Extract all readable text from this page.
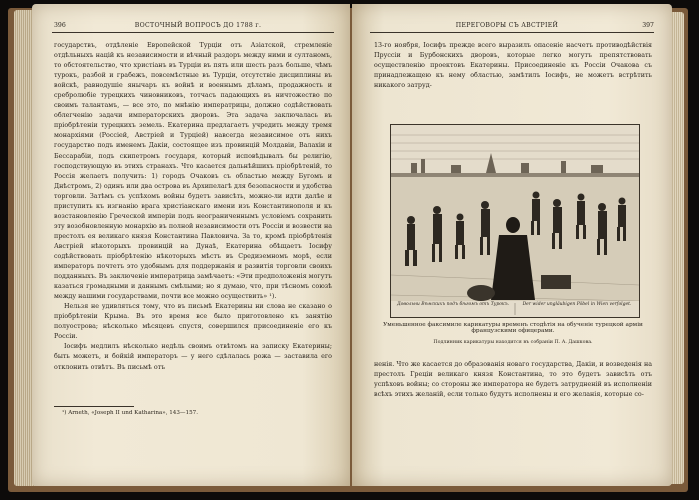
396	ВОСТОЧНЫЙ ВОПРОСЪ ДО 1788 г.

государствъ, отдѣленіе Европейской Турціи отъ Азіатской, стремленіе отдѣльныхъ націй къ независимости и вѣчный раздоръ между ними и султаномъ, то обстоятельство, что христіанъ въ Турціи въ пять или шесть разъ больше, чѣмъ турокъ, разбой и грабежъ, повсемѣстные въ Турціи, отсутствіе дисциплины въ войскѣ, равнодушіе янычаръ къ войнѣ и военнымъ дѣламъ, продажность и сребролюбіе турецкихъ чиновниковъ, тотчасъ падающихъ въ ничтожество по своимъ талантамъ, — все это, по мнѣнію императрицы, должно содѣйствовать облегченію задачи императорскихъ дворовъ. Эта задача заключалась въ пріобрѣтеніи турецкихъ земель. Екатерина предлагаетъ учредить между тремя монархіями (Россіей, Австріей и Турціей) навсегда независимое отъ нихъ государство подъ именемъ Дакіи, состоящее изъ провинцій Молдавіи, Валахіи и Бессарабіи, подъ скипетромъ государя, который исповѣдывалъ бы религію, господствующую въ этихъ странахъ. Что касается дальнѣйшихъ пріобрѣтеній, то Россія желаетъ получить: 1) городъ Очаковъ съ областью между Бугомъ и Днѣстромъ, 2) одинъ или два острова въ Архипелагѣ для безопасности и удобства торговли. Затѣмъ съ успѣхомъ войны будетъ зависѣть, можно-ли идти далѣе и приступить къ изгнанію врага христіанскаго имени изъ Константинополя и къ возстановленію Греческой имперіи подъ неограниченнымъ условіемъ сохранить эту возобновленную монархію въ полной независимости отъ Россіи и возвести на престолъ ея великаго князя Константина Павловича. За то, кромѣ пріобрѣтенія Австріей нѣкоторыхъ провинцій на Дунаѣ, Екатерина обѣщаетъ Іосифу содѣйствовать пріобрѣтенію нѣкоторыхъ мѣстъ въ Средиземномъ морѣ, если императоръ почтетъ это удобнымъ для поддержанія и развитія торговли своихъ подданныхъ. Въ заключеніе императрица замѣчаетъ: «Эти предположенія могутъ казаться громадными и даннымъ смѣлыми; но я думаю, что, при тѣсномъ союзѣ между нашими государствами, почти все можно осуществить» ¹).

Нельзя не удивляться тому, что въ письмѣ Екатерины ни слова не сказано о пріобрѣтеніи Крыма. Въ это время все было приготовлено къ занятію полуострова; нѣсколько мѣсяцевъ спустя, совершился присоединеніе его къ Россіи.

Іосифъ медлилъ нѣсколько недѣль своимъ отвѣтомъ на записку Екатерины; быть можетъ, и бойкій императоръ — у него сдѣлалась рожа — заставила его отклонить отвѣтъ. Въ письмѣ отъ

¹) Arneth, «Joseph II und Katharina», 143—157.
ПЕРЕГОВОРЫ СЪ АВСТРІЕЙ	397

13-го ноября, Іосифъ прежде всего выразилъ опасеніе насчетъ противодѣйствія Пруссіи и Бурбонскихъ дворовъ, которые легко могутъ препятствовать осуществленію проектовъ Екатерины. Присоединеніе къ Россіи Очакова съ принадлежащею къ нему областью, замѣтилъ Іосифъ, не можетъ встрѣтить никакого затруд-

Довольни Вѣнскихъ подъ бѣгомъ отъ Турокъ.	Der wider ungläubigen Pöbel in Wien verfolget.
Уменьшенное факсимиле карикатуры временъ стодѣтія на обученіе турецкой арміи французскими офицерами.
Подлинник карикатуры находится въ собраніи П. А. Дашкова.

ненія. Что же касается до образованія новаго государства, Дакіи, и возведенія на престолъ Греціи великаго князя Константина, то это будетъ зависѣть отъ успѣховъ войны; со стороны же императора не будетъ затрудненій въ исполненіи всѣхъ этихъ желаній, если только будутъ исполнены и его желанія, которые со-
